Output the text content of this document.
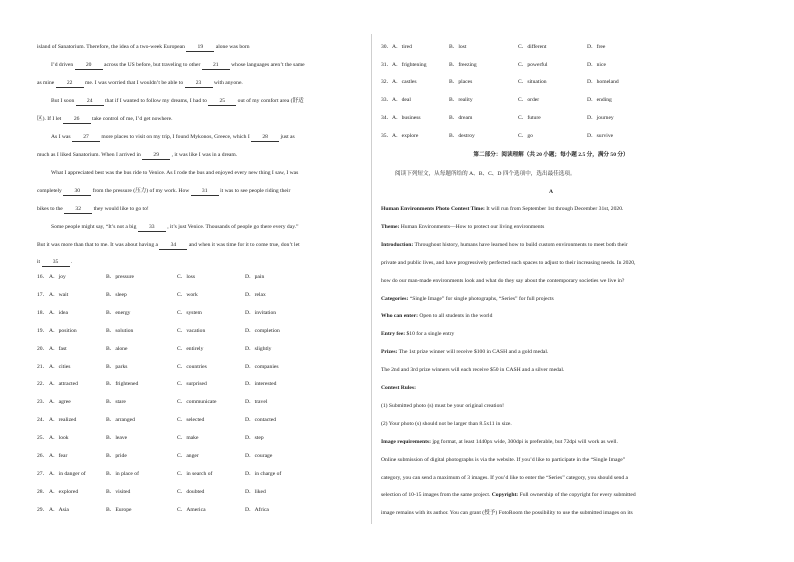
island of Sanatorium. Therefore, the idea of a two-week European 19 alone was born
I’d driven 20 across the US before, but traveling to other 21 whose languages aren’t the same
as mine 22 me. I was worried that I wouldn’t be able to 23 with anyone.
But I soon 24 that if I wanted to follow my dreams, I had to 25 out of my comfort area (舒适
区). If I let 26 take control of me, I’d get nowhere.
As I was 27 more places to visit on my trip, I found Mykonos, Greece, which I 28 just as
much as I liked Sanatorium. When I arrived in 29 , it was like I was in a dream.
What I appreciated best was the bus ride to Venice. As I rode the bus and enjoyed every new thing I saw, I was
completely 30 from the pressure (压力) of my work. How 31 it was to see people riding their
bikes to the 32 they would like to go to!
Some people might say, “It’s not a big 33 , it’s just Venice. Thousands of people go there every day.”
But it was more than that to me. It was about having a 34 and when it was time for it to come true, don’t let
it 35 .
16． A．joy	B．pressure	C．loss	D．pain
17． A．wait	B．sleep	C．work	D．relax
18． A．idea	B．energy	C．system	D．invitation
19． A．position	B．solution	C．vacation	D．completion
20． A．fast	B．alone	C．entirely	D．slightly
21． A．cities	B．parks	C．countries	D．companies
22． A．attracted	B．frightened	C．surprised	D．interested
23． A．agree	B．stare	C．communicate	D．travel
24． A．realized	B．arranged	C．selected	D．contacted
25． A．look	B．leave	C．make	D．step
26． A．fear	B．pride	C．anger	D．courage
27． A．in danger of	B．in place of	C．in search of	D．in charge of
28． A．explored	B．visited	C．doubted	D．liked
29． A．Asia	B．Europe	C．America	D．Africa
30． A．tired	B．lost	C．different	D．free
31． A．frightening	B．freezing	C．powerful	D．nice
32． A．castles	B．places	C．situation	D．homeland
33． A．deal	B．reality	C．order	D．ending
34． A．business	B．dream	C．future	D．journey
35． A．explore	B．destroy	C．go	D．survive
第二部分：阅读理解（共 20 小题；每小题 2.5 分，满分 50 分）
阅读下列短文，从每题所给的 A、B、C、D 四个选项中，选出最佳选项。
A
Human Environments Photo Contest Time: It will run from September 1st through December 31st, 2020.
Theme: Human Environments—How to protect our living environments
Introduction: Throughout history, humans have learned how to build custom environments to meet both their
private and public lives, and have progressively perfected such spaces to adjust to their increasing needs. In 2020,
how do our man-made environments look and what do they say about the contemporary societies we live in?
Categories: “Single Image” for single photographs, “Series” for full projects
Who can enter: Open to all students in the world
Entry fee: $10 for a single entry
Prizes: The 1st prize winner will receive $100 in CASH and a gold medal.
The 2nd and 3rd prize winners will each receive $50 in CASH and a silver medal.
Contest Rules:
(1) Submitted photo (s) must be your original creation!
(2) Your photo (s) should not be larger than 8.5x11 in size.
Image requirements: jpg format, at least 1440px wide, 300dpi is preferable, but 72dpi will work as well.
Online submission of digital photographs is via the website. If you’d like to participate in the “Single Image”
category, you can send a maximum of 3 images. If you’d like to enter the “Series” category, you should send a
selection of 10-15 images from the same project. Copyright: Full ownership of the copyright for every submitted
image remains with its author. You can grant (授予) FotoRoom the possibility to use the submitted images on its
